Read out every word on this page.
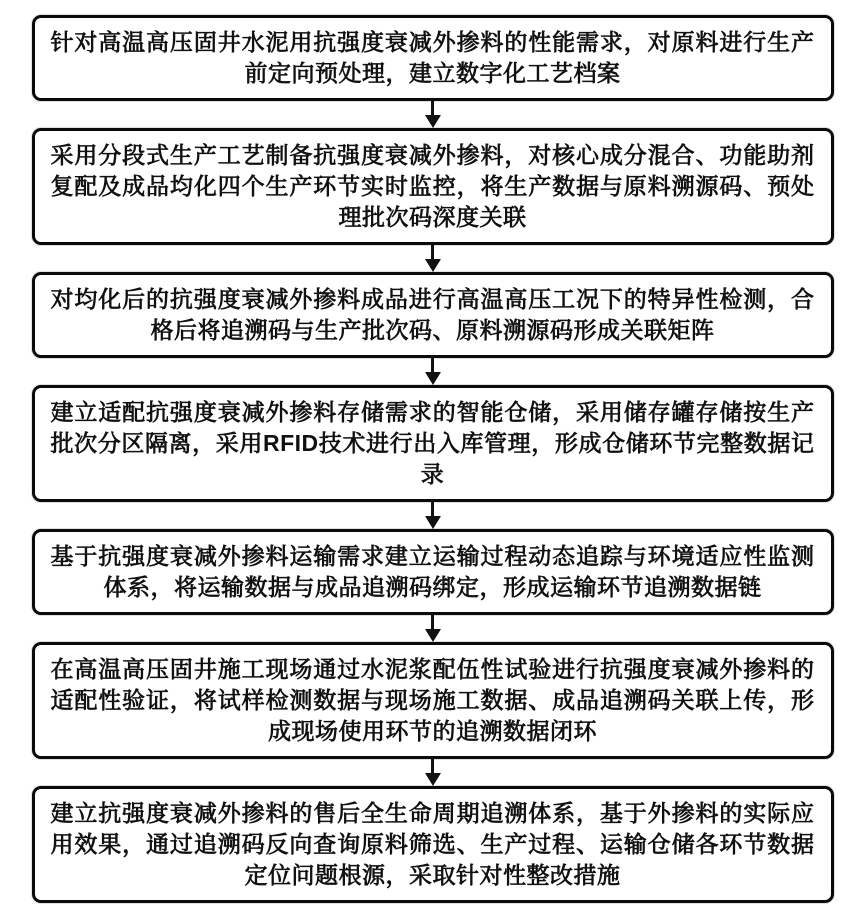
针对高温高压固井水泥用抗强度衰减外掺料的性能需求，对原料进行生产前定向预处理，建立数字化工艺档案
采用分段式生产工艺制备抗强度衰减外掺料，对核心成分混合、功能助剂复配及成品均化四个生产环节实时监控，将生产数据与原料溯源码、预处理批次码深度关联
对均化后的抗强度衰减外掺料成品进行高温高压工况下的特异性检测，合格后将追溯码与生产批次码、原料溯源码形成关联矩阵
建立适配抗强度衰减外掺料存储需求的智能仓储，采用储存罐存储按生产批次分区隔离，采用RFID技术进行出入库管理，形成仓储环节完整数据记录
基于抗强度衰减外掺料运输需求建立运输过程动态追踪与环境适应性监测体系，将运输数据与成品追溯码绑定，形成运输环节追溯数据链
在高温高压固井施工现场通过水泥浆配伍性试验进行抗强度衰减外掺料的适配性验证，将试样检测数据与现场施工数据、成品追溯码关联上传，形成现场使用环节的追溯数据闭环
建立抗强度衰减外掺料的售后全生命周期追溯体系，基于外掺料的实际应用效果，通过追溯码反向查询原料筛选、生产过程、运输仓储各环节数据定位问题根源，采取针对性整改措施
